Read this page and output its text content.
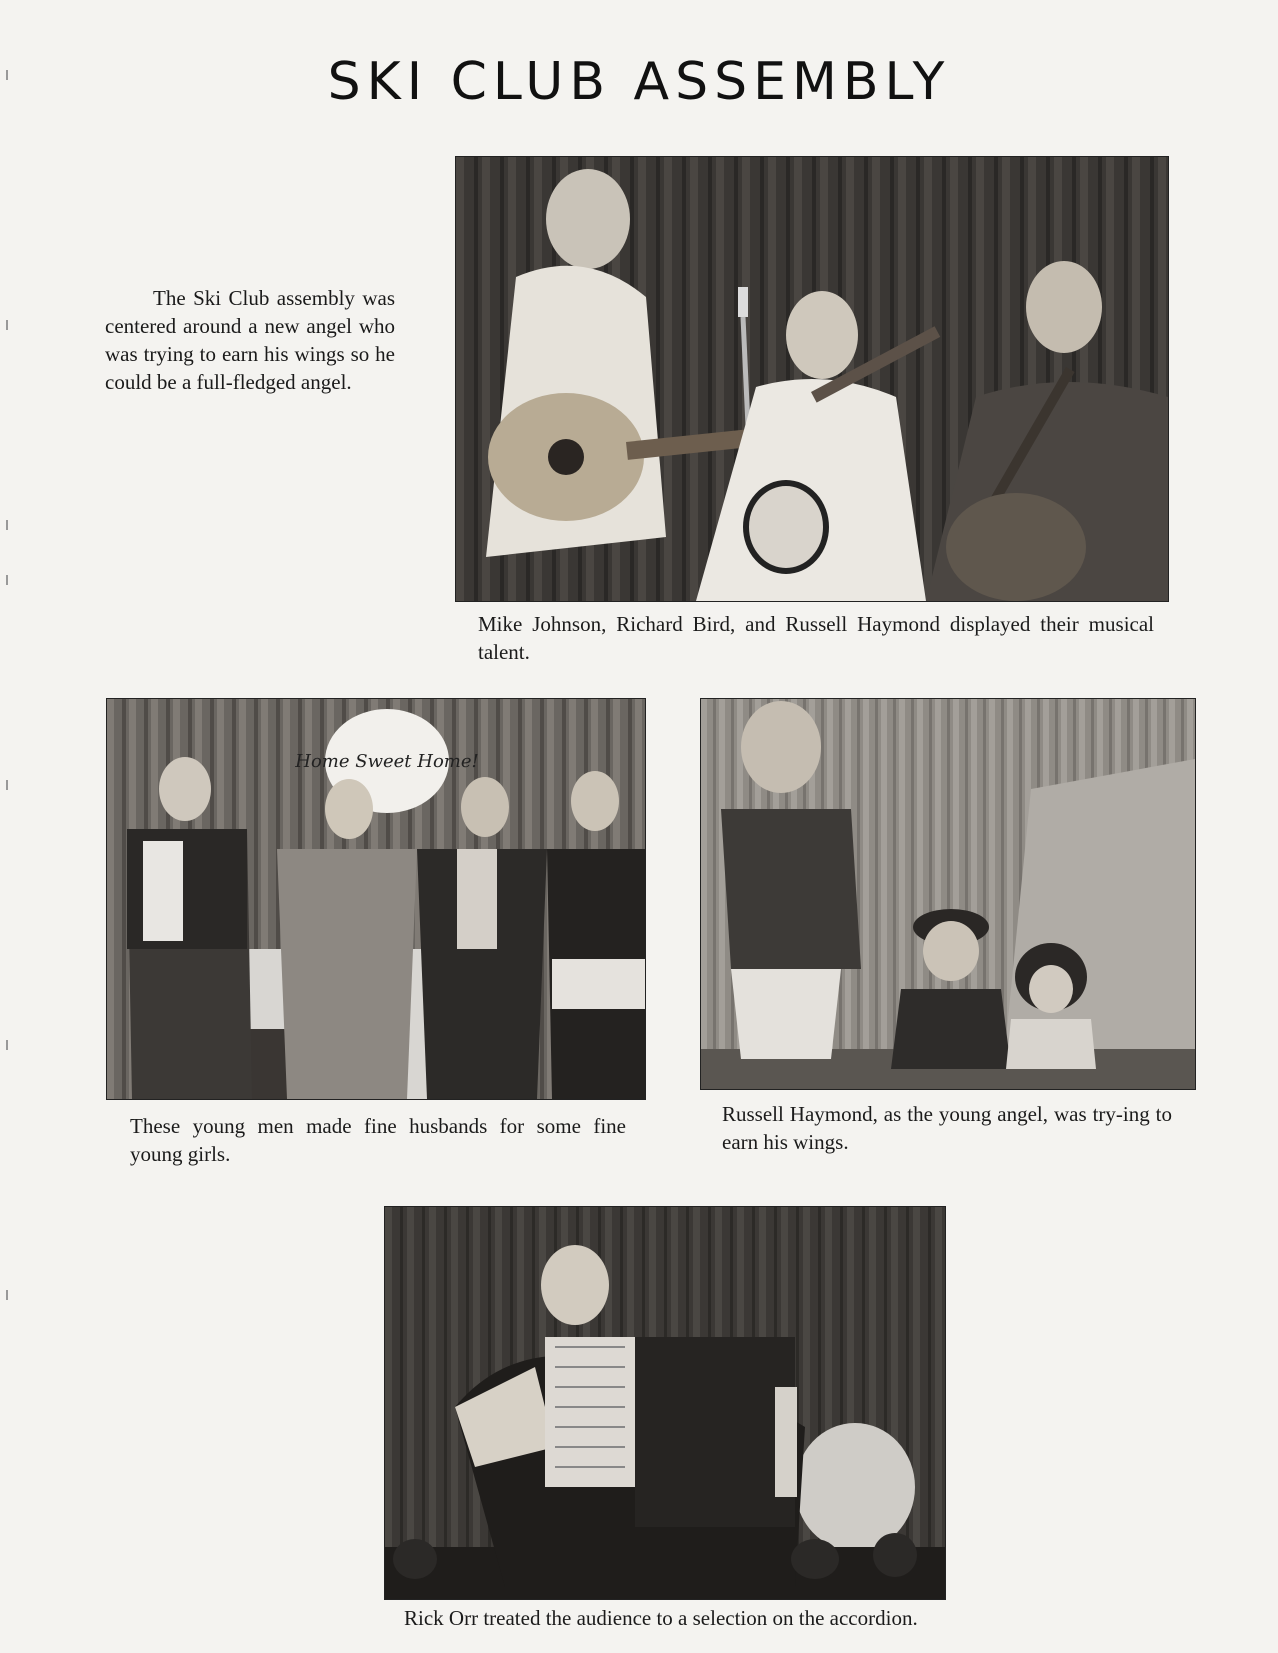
SKI CLUB ASSEMBLY

The Ski Club assembly was centered around a new angel who was trying to earn his wings so he could be a full-fledged angel.

Mike Johnson, Richard Bird, and Russell Haymond displayed their musical talent.

Home Sweet Home!

These young men made fine husbands for some fine young girls.

Russell Haymond, as the young angel, was try-ing to earn his wings.

Rick Orr treated the audience to a selection on the accordion.
